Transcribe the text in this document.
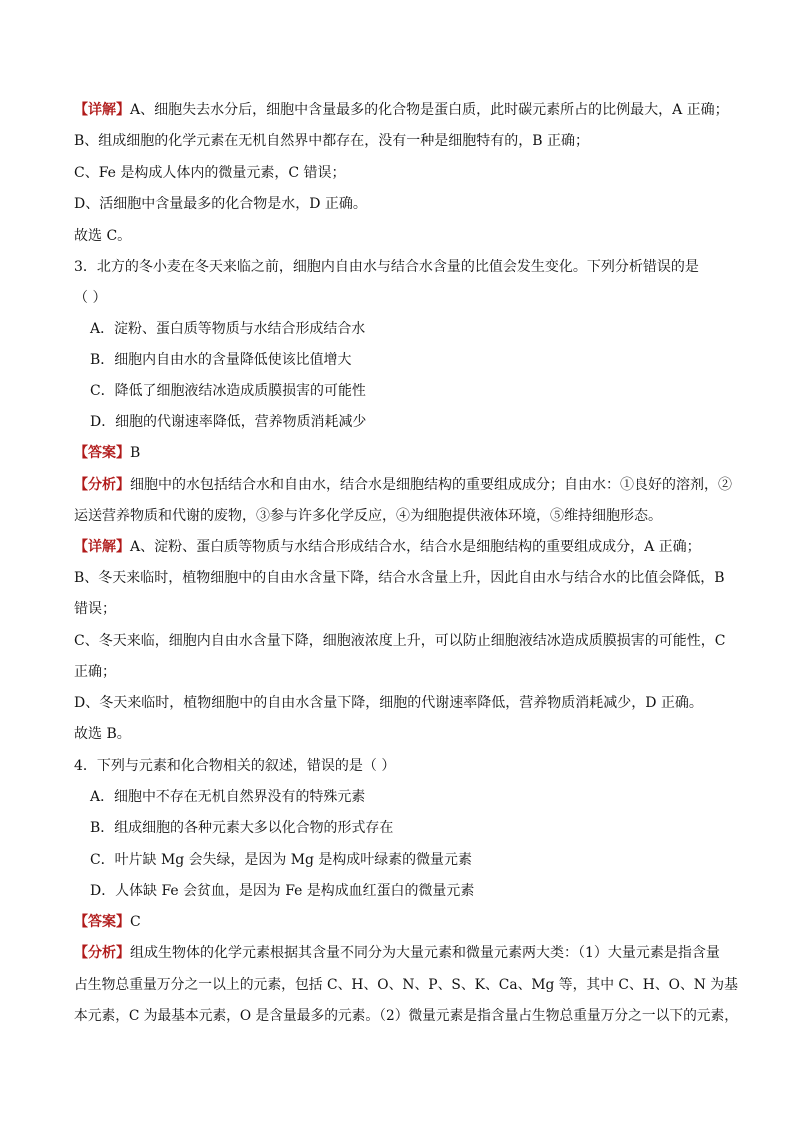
【详解】A、细胞失去水分后，细胞中含量最多的化合物是蛋白质，此时碳元素所占的比例最大，A 正确；
B、组成细胞的化学元素在无机自然界中都存在，没有一种是细胞特有的，B 正确；
C、Fe 是构成人体内的微量元素，C 错误；
D、活细胞中含量最多的化合物是水，D 正确。
故选 C。
3．北方的冬小麦在冬天来临之前，细胞内自由水与结合水含量的比值会发生变化。下列分析错误的是
（ ）
A．淀粉、蛋白质等物质与水结合形成结合水
B．细胞内自由水的含量降低使该比值增大
C．降低了细胞液结冰造成质膜损害的可能性
D．细胞的代谢速率降低，营养物质消耗减少
【答案】B
【分析】细胞中的水包括结合水和自由水，结合水是细胞结构的重要组成成分；自由水：①良好的溶剂，②
运送营养物质和代谢的废物，③参与许多化学反应，④为细胞提供液体环境，⑤维持细胞形态。
【详解】A、淀粉、蛋白质等物质与水结合形成结合水，结合水是细胞结构的重要组成成分，A 正确；
B、冬天来临时，植物细胞中的自由水含量下降，结合水含量上升，因此自由水与结合水的比值会降低，B
错误；
C、冬天来临，细胞内自由水含量下降，细胞液浓度上升，可以防止细胞液结冰造成质膜损害的可能性，C
正确；
D、冬天来临时，植物细胞中的自由水含量下降，细胞的代谢速率降低，营养物质消耗减少，D 正确。
故选 B。
4．下列与元素和化合物相关的叙述，错误的是（ ）
A．细胞中不存在无机自然界没有的特殊元素
B．组成细胞的各种元素大多以化合物的形式存在
C．叶片缺 Mg 会失绿，是因为 Mg 是构成叶绿素的微量元素
D．人体缺 Fe 会贫血，是因为 Fe 是构成血红蛋白的微量元素
【答案】C
【分析】组成生物体的化学元素根据其含量不同分为大量元素和微量元素两大类：（1）大量元素是指含量
占生物总重量万分之一以上的元素，包括 C、H、O、N、P、S、K、Ca、Mg 等，其中 C、H、O、N 为基
本元素，C 为最基本元素，O 是含量最多的元素。（2）微量元素是指含量占生物总重量万分之一以下的元素，
